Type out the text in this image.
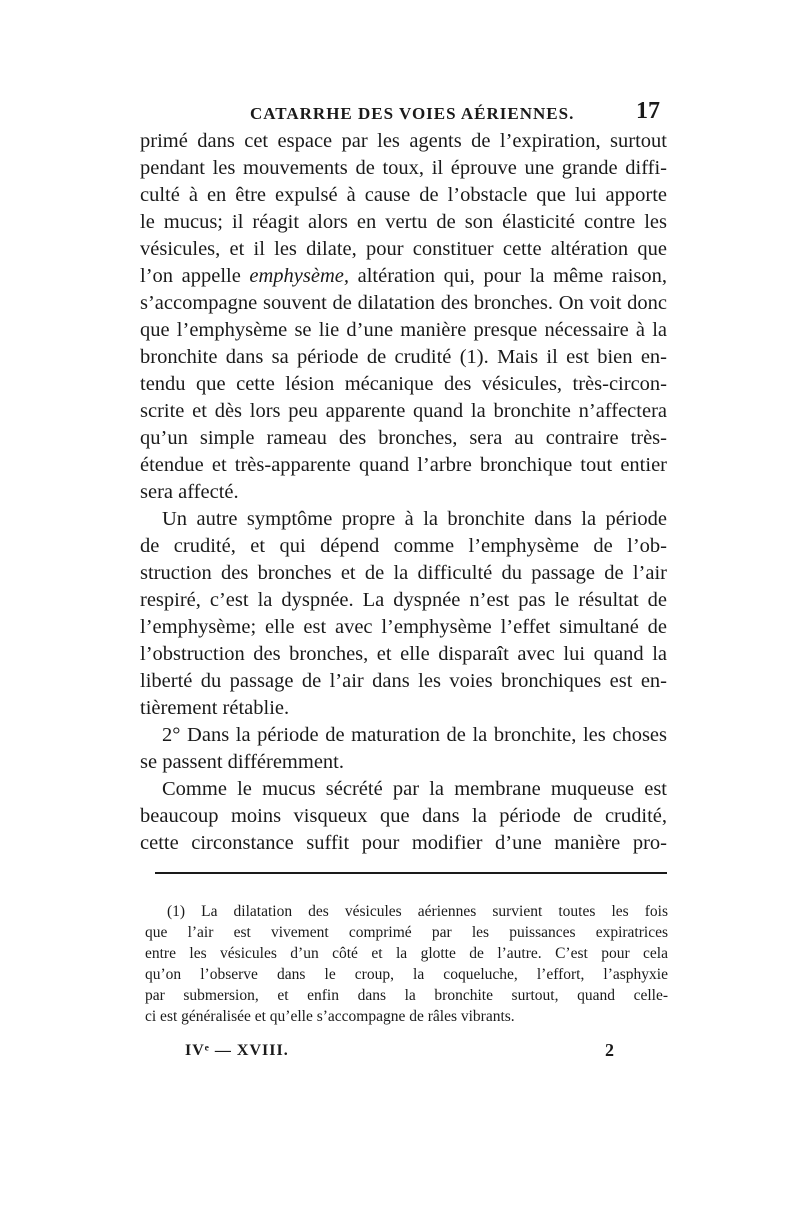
CATARRHE DES VOIES AÉRIENNES.	17
primé dans cet espace par les agents de l’expiration, surtout
pendant les mouvements de toux, il éprouve une grande diffi-
culté à en être expulsé à cause de l’obstacle que lui apporte
le mucus; il réagit alors en vertu de son élasticité contre les
vésicules, et il les dilate, pour constituer cette altération que
l’on appelle emphysème, altération qui, pour la même raison,
s’accompagne souvent de dilatation des bronches. On voit donc
que l’emphysème se lie d’une manière presque nécessaire à la
bronchite dans sa période de crudité (1). Mais il est bien en-
tendu que cette lésion mécanique des vésicules, très-circon-
scrite et dès lors peu apparente quand la bronchite n’affectera
qu’un simple rameau des bronches, sera au contraire très-
étendue et très-apparente quand l’arbre bronchique tout entier
sera affecté.
Un autre symptôme propre à la bronchite dans la période
de crudité, et qui dépend comme l’emphysème de l’ob-
struction des bronches et de la difficulté du passage de l’air
respiré, c’est la dyspnée. La dyspnée n’est pas le résultat de
l’emphysème; elle est avec l’emphysème l’effet simultané de
l’obstruction des bronches, et elle disparaît avec lui quand la
liberté du passage de l’air dans les voies bronchiques est en-
tièrement rétablie.
2° Dans la période de maturation de la bronchite, les choses
se passent différemment.
Comme le mucus sécrété par la membrane muqueuse est
beaucoup moins visqueux que dans la période de crudité,
cette circonstance suffit pour modifier d’une manière pro-
(1) La dilatation des vésicules aériennes survient toutes les fois
que l’air est vivement comprimé par les puissances expiratrices
entre les vésicules d’un côté et la glotte de l’autre. C’est pour cela
qu’on l’observe dans le croup, la coqueluche, l’effort, l’asphyxie
par submersion, et enfin dans la bronchite surtout, quand celle-
ci est généralisée et qu’elle s’accompagne de râles vibrants.
IVᵉ — XVIII.	2
